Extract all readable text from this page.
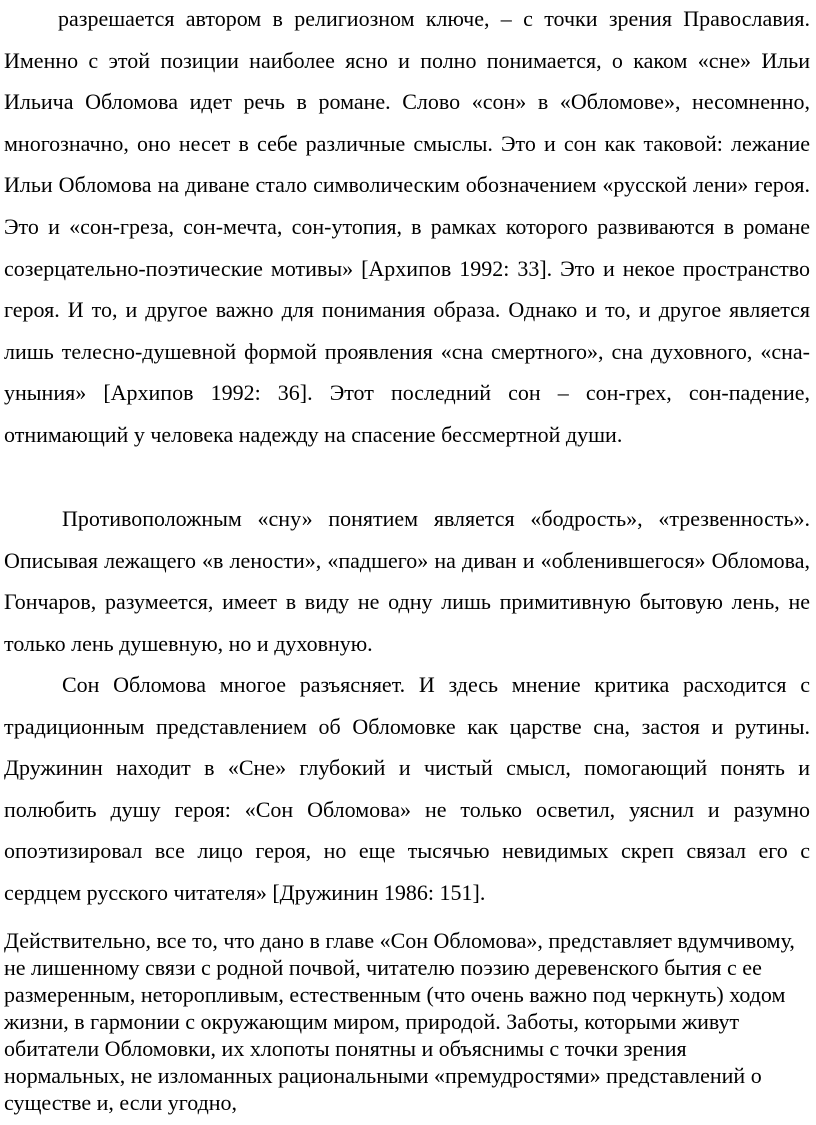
разрешается автором в религиозном ключе, – с точки зрения Православия. Именно с этой позиции наиболее ясно и полно понимается, о каком «сне» Ильи Ильича Обломова идет речь в романе. Слово «сон» в «Обломове», несомненно, многозначно, оно несет в себе различные смыслы. Это и сон как таковой: лежание Ильи Обломова на диване стало символическим обозначением «русской лени» героя. Это и «сон-греза, сон-мечта, сон-утопия, в рамках которого развиваются в романе созерцательно-поэтические мотивы» [Архипов 1992: 33]. Это и некое пространство героя. И то, и другое важно для понимания образа. Однако и то, и другое является лишь телесно-душевной формой проявления «сна смертного», сна духовного, «сна-уныния» [Архипов 1992: 36]. Этот последний сон – сон-грех, сон-падение, отнимающий у человека надежду на спасение бессмертной души.

Противоположным «сну» понятием является «бодрость», «трезвенность». Описывая лежащего «в лености», «падшего» на диван и «обленившегося» Обломова, Гончаров, разумеется, имеет в виду не одну лишь примитивную бытовую лень, не только лень душевную, но и духовную.

Сон Обломова многое разъясняет. И здесь мнение критика расходится с традиционным представлением об Обломовке как царстве сна, застоя и рутины. Дружинин находит в «Сне» глубокий и чистый смысл, помогающий понять и полюбить душу героя: «Сон Обломова» не только осветил, уяснил и разумно опоэтизировал все лицо героя, но еще тысячью невидимых скреп связал его с сердцем русского читателя» [Дружинин 1986: 151].

Действительно, все то, что дано в главе «Сон Обломова», представляет вдумчивому, не лишенному связи с родной почвой, читателю поэзию деревенского бытия с ее размеренным, неторопливым, естественным (что очень важно под черкнуть) ходом жизни, в гармонии с окружающим миром, природой. Заботы, которыми живут обитатели Обломовки, их хлопоты понятны и объяснимы с точки зрения нормальных, не изломанных рациональными «премудростями» представлений о существе и, если угодно,
